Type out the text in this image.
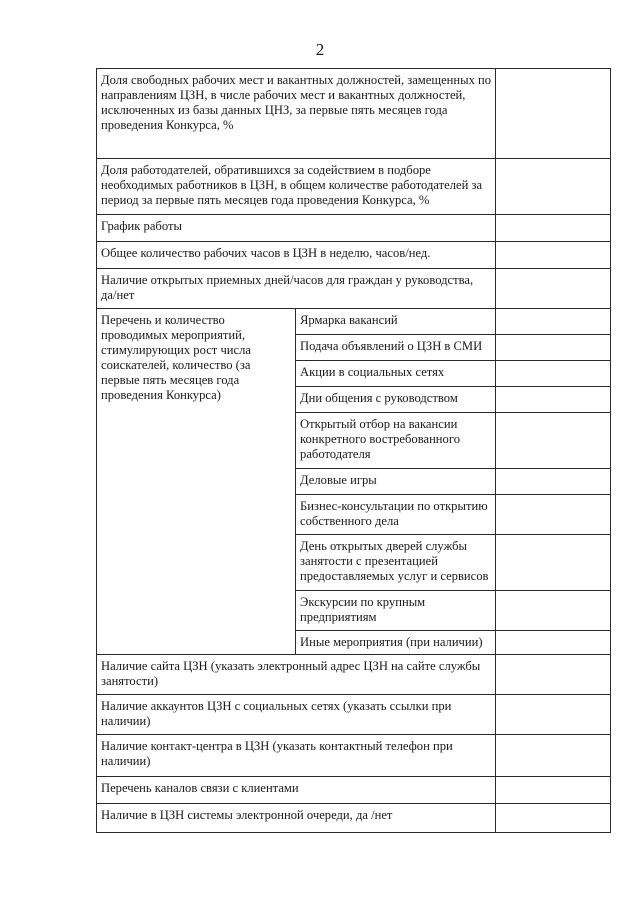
2
Доля свободных рабочих мест и вакантных должностей, замещенных по направлениям ЦЗН, в числе рабочих мест и вакантных должностей, исключенных из базы данных ЦНЗ, за первые пять месяцев года проведения Конкурса, %		
Доля работодателей, обратившихся за содействием в подборе необходимых работников в ЦЗН, в общем количестве работодателей за период за первые пять месяцев года проведения Конкурса, %		
График работы		
Общее количество рабочих часов в ЦЗН в неделю, часов/нед.		
Наличие открытых приемных дней/часов для граждан у руководства, да/нет		
Перечень и количество проводимых мероприятий, стимулирующих рост числа соискателей, количество (за первые пять месяцев года проведения Конкурса)	Ярмарка вакансий	
	Подача объявлений о ЦЗН в СМИ	
	Акции в социальных сетях	
	Дни общения с руководством	
	Открытый отбор на вакансии конкретного востребованного работодателя	
	Деловые игры	
	Бизнес-консультации по открытию собственного дела	
	День открытых дверей службы занятости с презентацией предоставляемых услуг и сервисов	
	Экскурсии по крупным предприятиям	
	Иные мероприятия (при наличии)	
Наличие сайта ЦЗН (указать электронный адрес ЦЗН на сайте службы занятости)		
Наличие аккаунтов ЦЗН с социальных сетях (указать ссылки при наличии)		
Наличие контакт-центра в ЦЗН (указать контактный телефон при наличии)		
Перечень каналов связи с клиентами		
Наличие в ЦЗН системы электронной очереди, да /нет		
